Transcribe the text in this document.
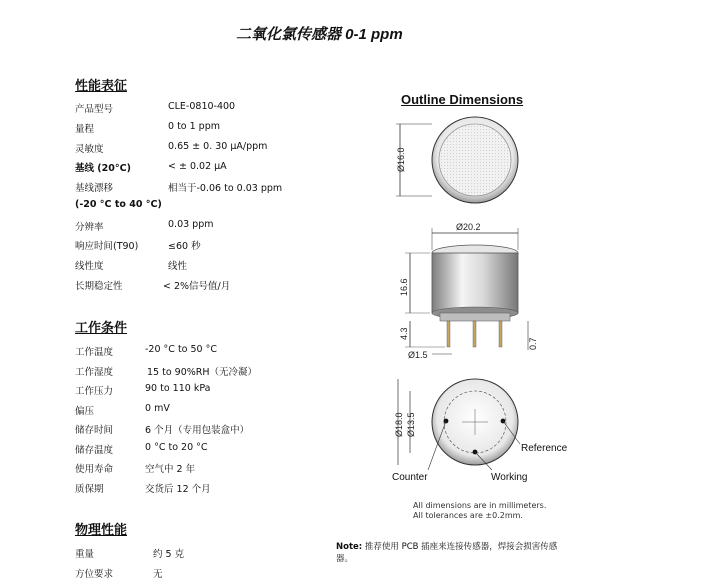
二氧化氯传感器 0-1 ppm
性能表征
产品型号	CLE-0810-400
量程	0 to 1 ppm
灵敏度	0.65 ± 0. 30 μA/ppm
基线 (20°C)	< ± 0.02 μA
基线漂移	相当于-0.06 to 0.03 ppm
(-20 °C to 40 °C)
分辨率	0.03 ppm
响应时间(T90)	≤60 秒
线性度	线性
长期稳定性	< 2%信号值/月
工作条件
工作温度	-20 °C to 50 °C
工作湿度	15 to 90%RH（无冷凝）
工作压力	90 to 110 kPa
偏压	0 mV
储存时间	6 个月（专用包装盒中）
储存温度	0 °C to 20 °C
使用寿命	空气中 2 年
质保期	交货后 12 个月
物理性能
重量	约 5 克
方位要求	无
Outline Dimensions
Ø16.0
Ø20.2
16.6
4.3
Ø1.5
0.7
Ø18.0 Ø13.5
Reference
Counter	Working
All dimensions are in millimeters.
All tolerances are ±0.2mm.
Note: 推荐使用 PCB 插座来连接传感器，焊接会损害传感
器。
